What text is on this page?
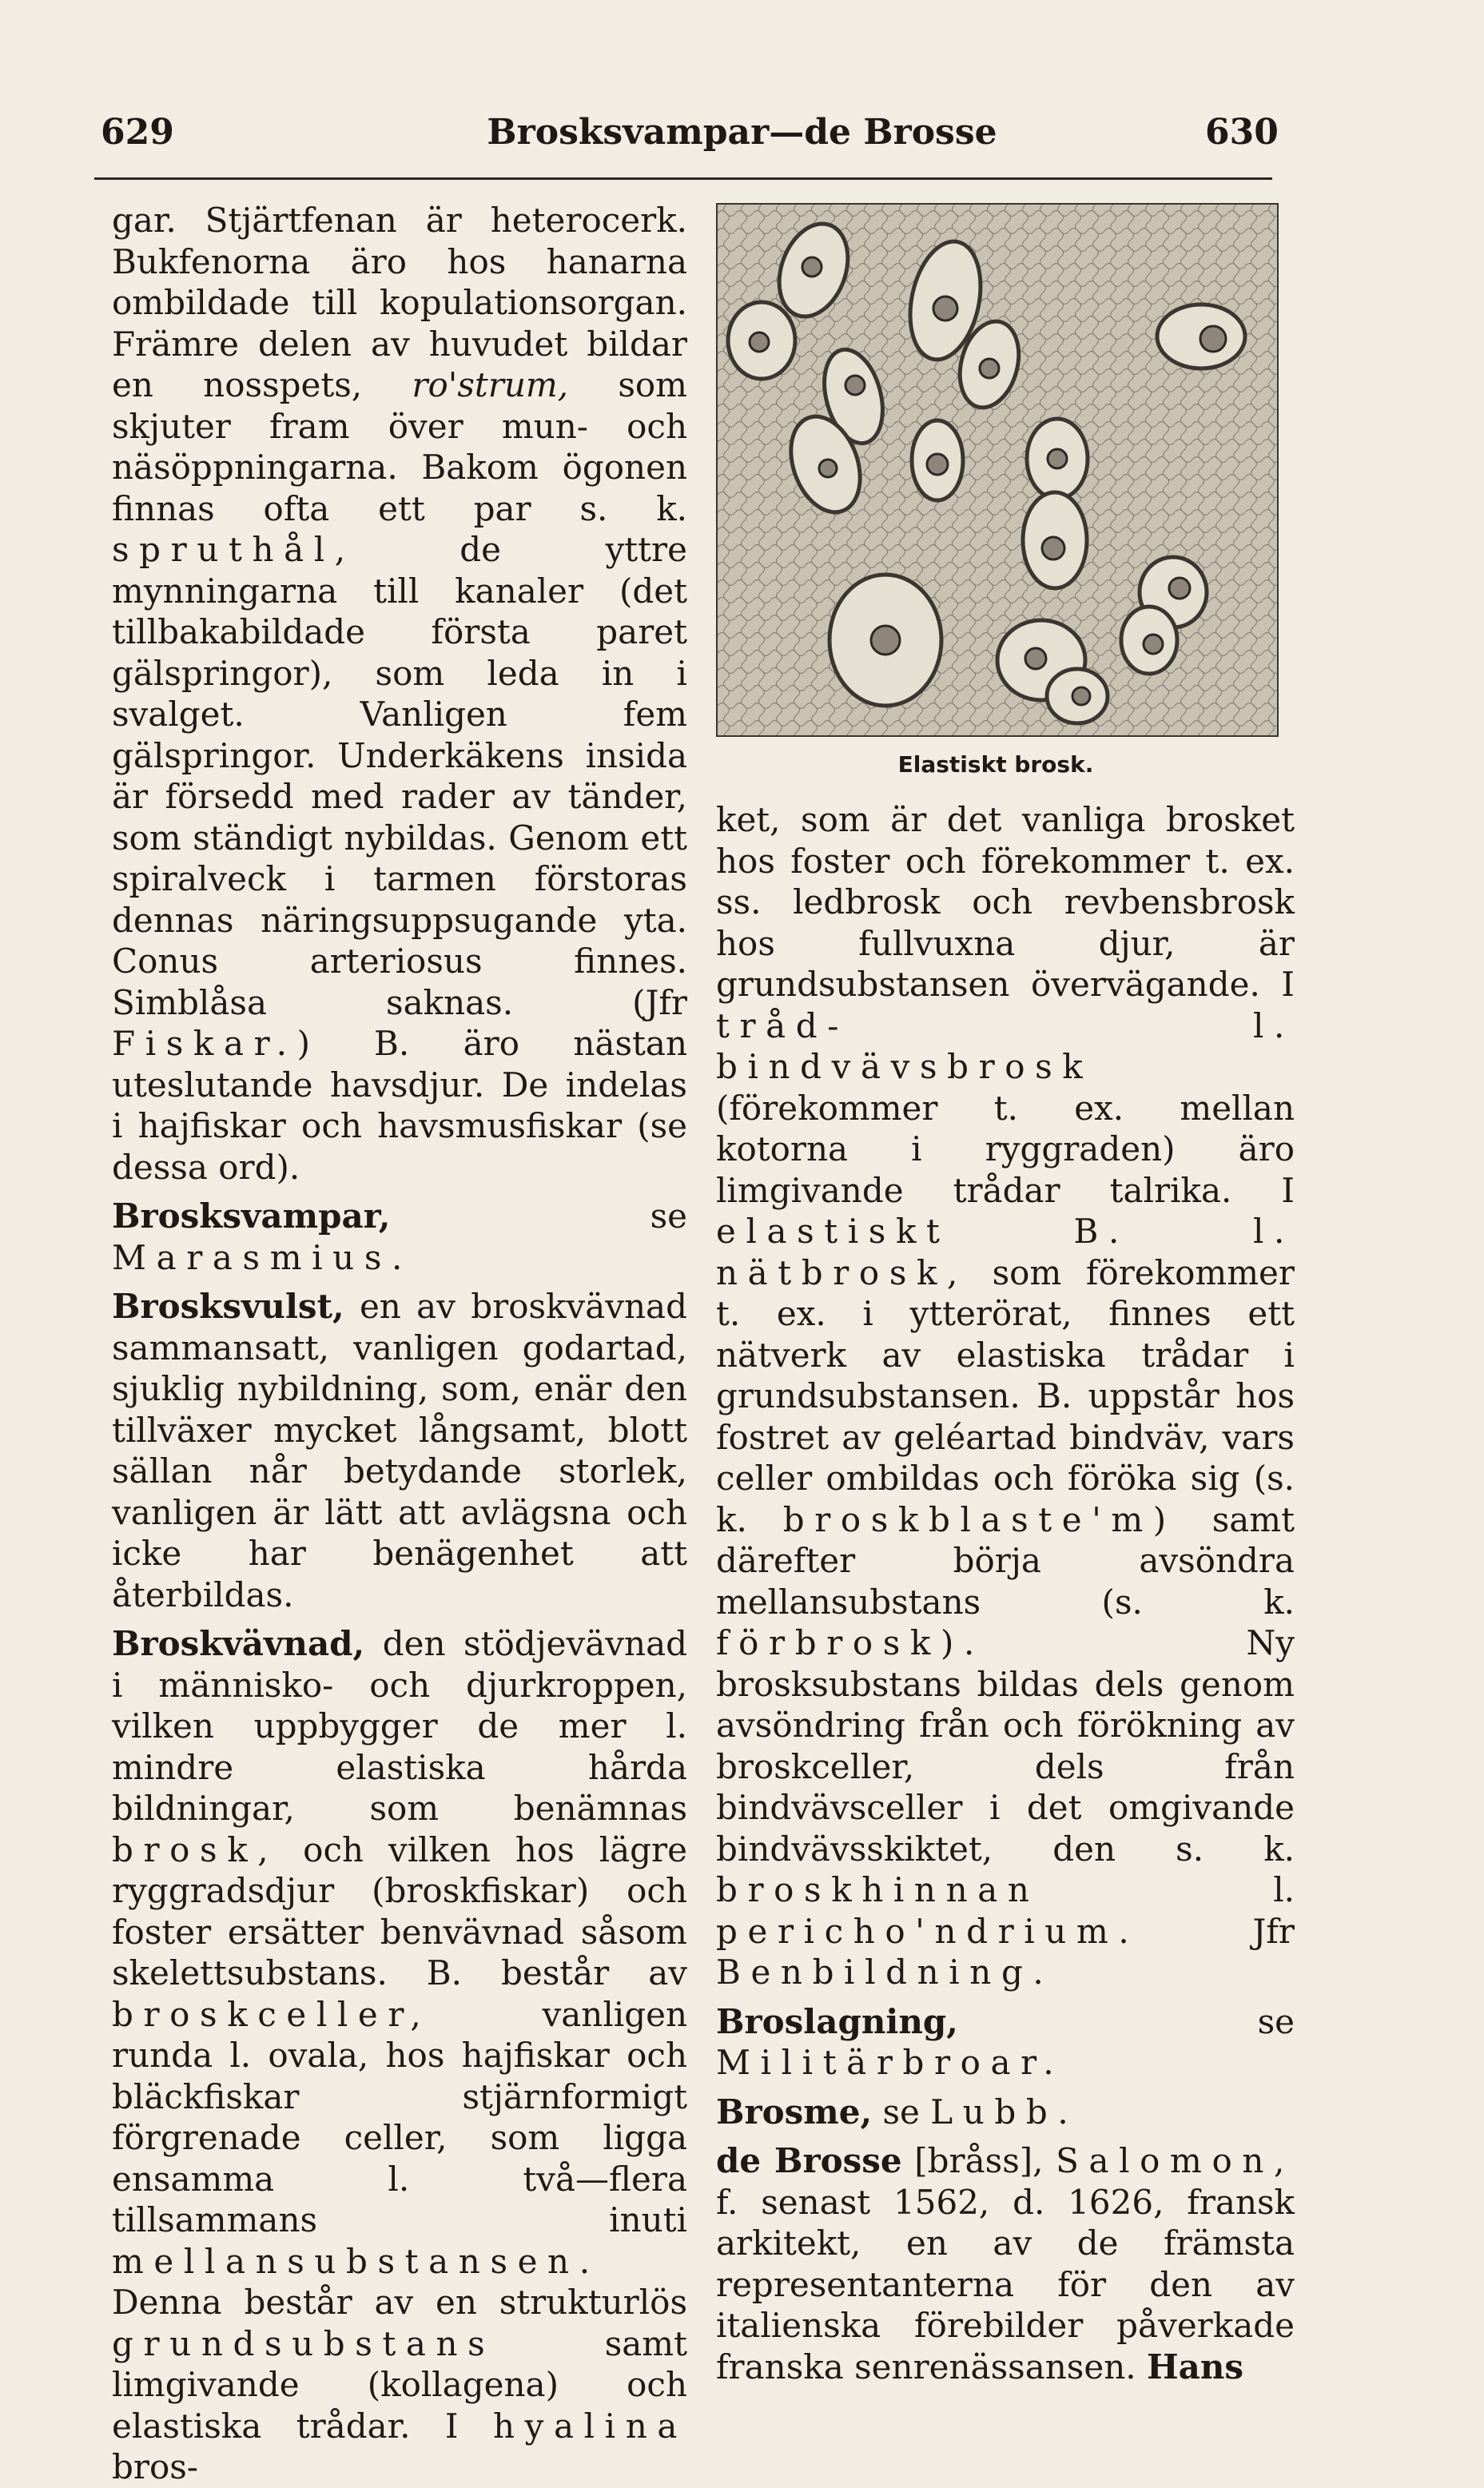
629	Brosksvampar—de Brosse	630

gar. Stjärtfenan är heterocerk. Bukfenorna äro hos hanarna ombildade till kopulationsorgan. Främre delen av huvudet bildar en nosspets, ro'strum, som skjuter fram över mun- och näsöppningarna. Bakom ögonen finnas ofta ett par s. k. spruthål,	de yttre mynningarna till kanaler (det tillbakabildade första paret gälspringor), som leda in i svalget. Vanligen fem gälspringor. Underkäkens insida är försedd med rader av tänder, som ständigt nybildas. Genom ett spiralveck i tarmen förstoras dennas näringsuppsugande yta. Conus arteriosus finnes. Simblåsa saknas. (Jfr Fiskar.) B. äro nästan uteslutande havsdjur. De indelas i hajfiskar och havsmusfiskar (se dessa ord).

Brosksvampar,	se Marasmius.

Brosksvulst, en av broskvävnad sammansatt, vanligen godartad, sjuklig nybildning, som, enär den tillväxer mycket långsamt, blott sällan når betydande storlek, vanligen är lätt att avlägsna och icke har benägenhet att återbildas.

Broskvävnad, den stödjevävnad i människo- och djurkroppen, vilken uppbygger de mer l. mindre elastiska hårda bildningar, som benämnas brosk, och vilken hos lägre ryggradsdjur (broskfiskar) och foster ersätter benvävnad såsom skelettsubstans. B. består av broskceller,	vanligen runda l. ovala, hos hajfiskar och bläckfiskar stjärnformigt förgrenade celler, som ligga ensamma l. två—flera tillsammans inuti mellansubstansen. Denna består av en strukturlös grundsubstans	samt limgivande (kollagena) och elastiska trådar. I hyalina bros-

Elastiskt brosk.

ket, som är det vanliga brosket hos foster och förekommer t. ex. ss. ledbrosk och revbensbrosk hos fullvuxna djur, är grundsubstansen övervägande. I tråd- l. bindvävsbrosk (förekommer t. ex. mellan kotorna i ryggraden) äro limgivande trådar talrika. I elastiskt B. l. nätbrosk, som förekommer t. ex. i ytterörat, finnes ett nätverk av elastiska trådar i grundsubstansen. B. uppstår hos fostret av geléartad bindväv, vars celler ombildas och föröka sig (s. k. broskblaste'm) samt därefter börja avsöndra mellansubstans (s. k. förbrosk).	Ny brosksubstans bildas dels genom avsöndring från och förökning av broskceller, dels från bindvävsceller i det omgivande bindvävsskiktet, den s. k. broskhinnan	l. pericho'ndrium.	Jfr Benbildning.

Broslagning,	se Militärbroar.

Brosme, se Lubb.

de Brosse [bråss], Salomon, f. senast 1562, d. 1626, fransk arkitekt, en av de främsta representanterna för den av italienska förebilder påverkade franska senrenässansen. Hans
